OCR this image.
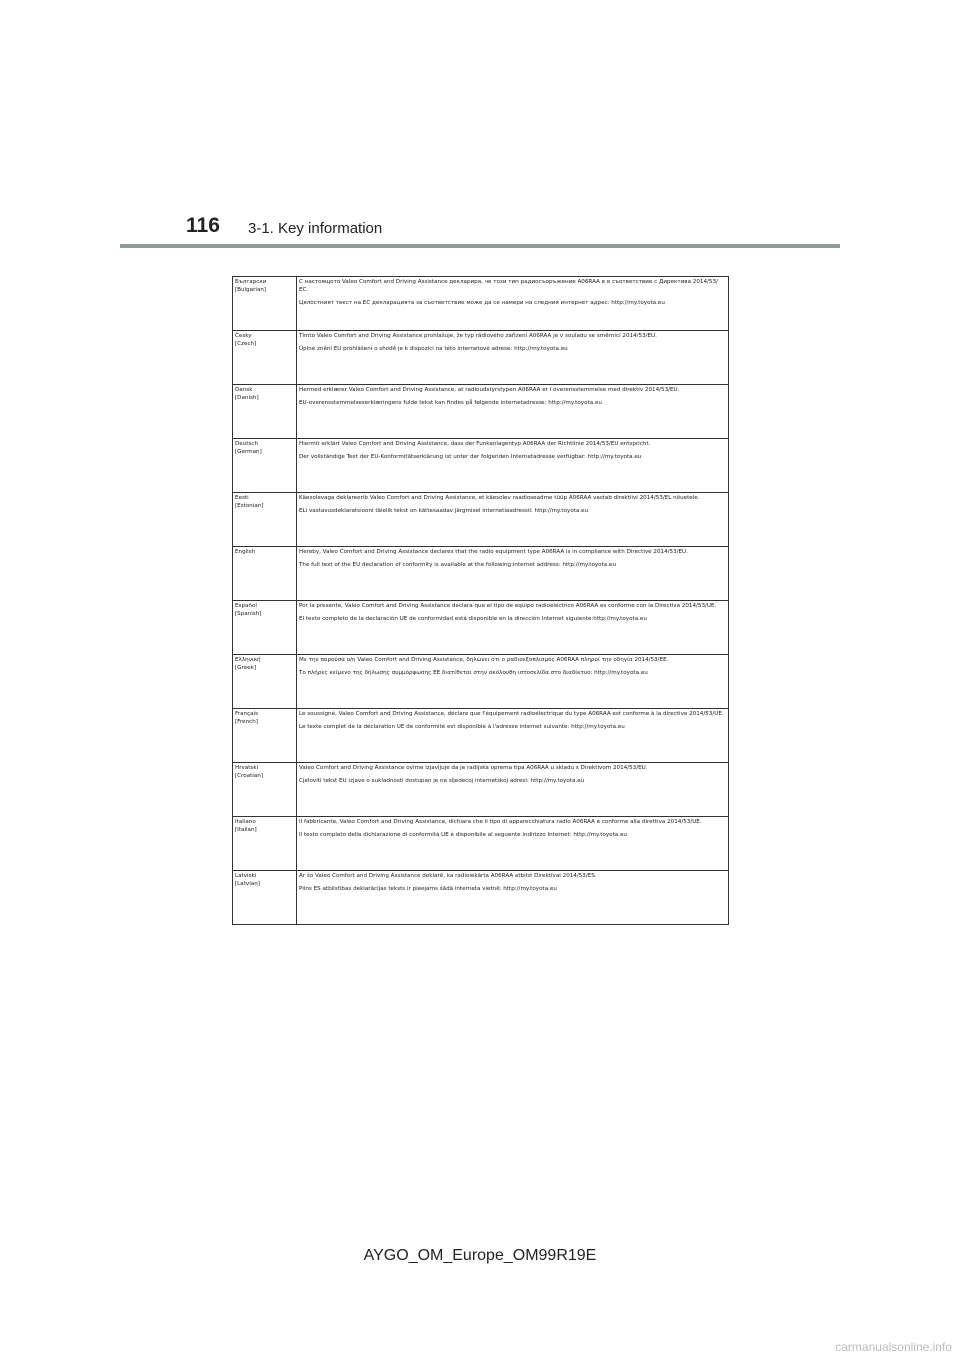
116 3-1. Key information
Български
[Bulgarian]	С настоящото Valeo Comfort and Driving Assistance декларира, че този тип радиосъоръжение A06RAA е в съответствие с Директива 2014/53/ЕС.
Цялостният текст на ЕС декларацията за съответствие може да се намери на следния интернет адрес: http://my.toyota.eu

Česky
[Czech]	Tímto Valeo Comfort and Driving Assistance prohlašuje, že typ rádiového zařízení A06RAA je v souladu se směrnicí 2014/53/EU.
Úplné znění EU prohlášení o shodě je k dispozici na této internetové adrese: http://my.toyota.eu

Dansk
[Danish]	Hermed erklærer Valeo Comfort and Driving Assistance, at radioudstyrstypen A06RAA er i overensstemmelse med direktiv 2014/53/EU.
EU-overensstemmelseserklæringens fulde tekst kan findes på følgende internetadresse: http://my.toyota.eu

Deutsch
[German]	Hiermit erklärt Valeo Comfort and Driving Assistance, dass der Funkanlagentyp A06RAA der Richtlinie 2014/53/EU entspricht.
Der vollständige Text der EU-Konformitätserklärung ist unter der folgenden Internetadresse verfügbar: http://my.toyota.eu

Eesti
[Estonian]	Käesolevaga deklareerib Valeo Comfort and Driving Assistance, et käesolev raadioseadme tüüp A06RAA vastab direktiivi 2014/53/EL nõuetele.
ELi vastavusdeklaratsiooni täielik tekst on kättesaadav järgmisel internetiaadressil: http://my.toyota.eu

English	Hereby, Valeo Comfort and Driving Assistance declares that the radio equipment type A06RAA is in compliance with Directive 2014/53/EU.
The full text of the EU declaration of conformity is available at the following internet address: http://my.toyota.eu

Español
[Spanish]	Por la presente, Valeo Comfort and Driving Assistance declara que el tipo de equipo radioeléctrico A06RAA es conforme con la Directiva 2014/53/UE.
El texto completo de la declaración UE de conformidad está disponible en la dirección Internet siguiente:http://my.toyota.eu

Ελληνική
[Greek]	Με την παρούσα ο/η Valeo Comfort and Driving Assistance, δηλώνει ότι ο ραδιοεξοπλισμός A06RAA πληροί την οδηγία 2014/53/ΕΕ.
Το πλήρες κείμενο της δήλωσης συμμόρφωσης ΕΕ διατίθεται στην ακόλουθη ιστοσελίδα στο διαδίκτυο: http://my.toyota.eu

Français
[French]	Le soussigné, Valeo Comfort and Driving Assistance, déclare que l'équipement radioélectrique du type A06RAA est conforme à la directive 2014/53/UE.
Le texte complet de la déclaration UE de conformité est disponible à l'adresse internet suivante: http://my.toyota.eu

Hrvatski
[Croatian]	Valeo Comfort and Driving Assistance ovime izjavljuje da je radijska oprema tipa A06RAA u skladu s Direktivom 2014/53/EU.
Cjeloviti tekst EU izjave o sukladnosti dostupan je na sljedećoj internetskoj adresi: http://my.toyota.eu

Italiano
[Italian]	Il fabbricante, Valeo Comfort and Driving Assistance, dichiara che il tipo di apparecchiatura radio A06RAA è conforme alla direttiva 2014/53/UE.
Il testo completo della dichiarazione di conformità UE è disponibile al seguente indirizzo Internet: http://my.toyota.eu

Latviski
[Latvian]	Ar šo Valeo Comfort and Driving Assistance deklarē, ka radioiekārta A06RAA atbilst Direktīvai 2014/53/ES.
Pilns ES atbilstības deklarācijas teksts ir pieejams šādā interneta vietnē: http://my.toyota.eu
AYGO_OM_Europe_OM99R19E
carmanualsonline.info
